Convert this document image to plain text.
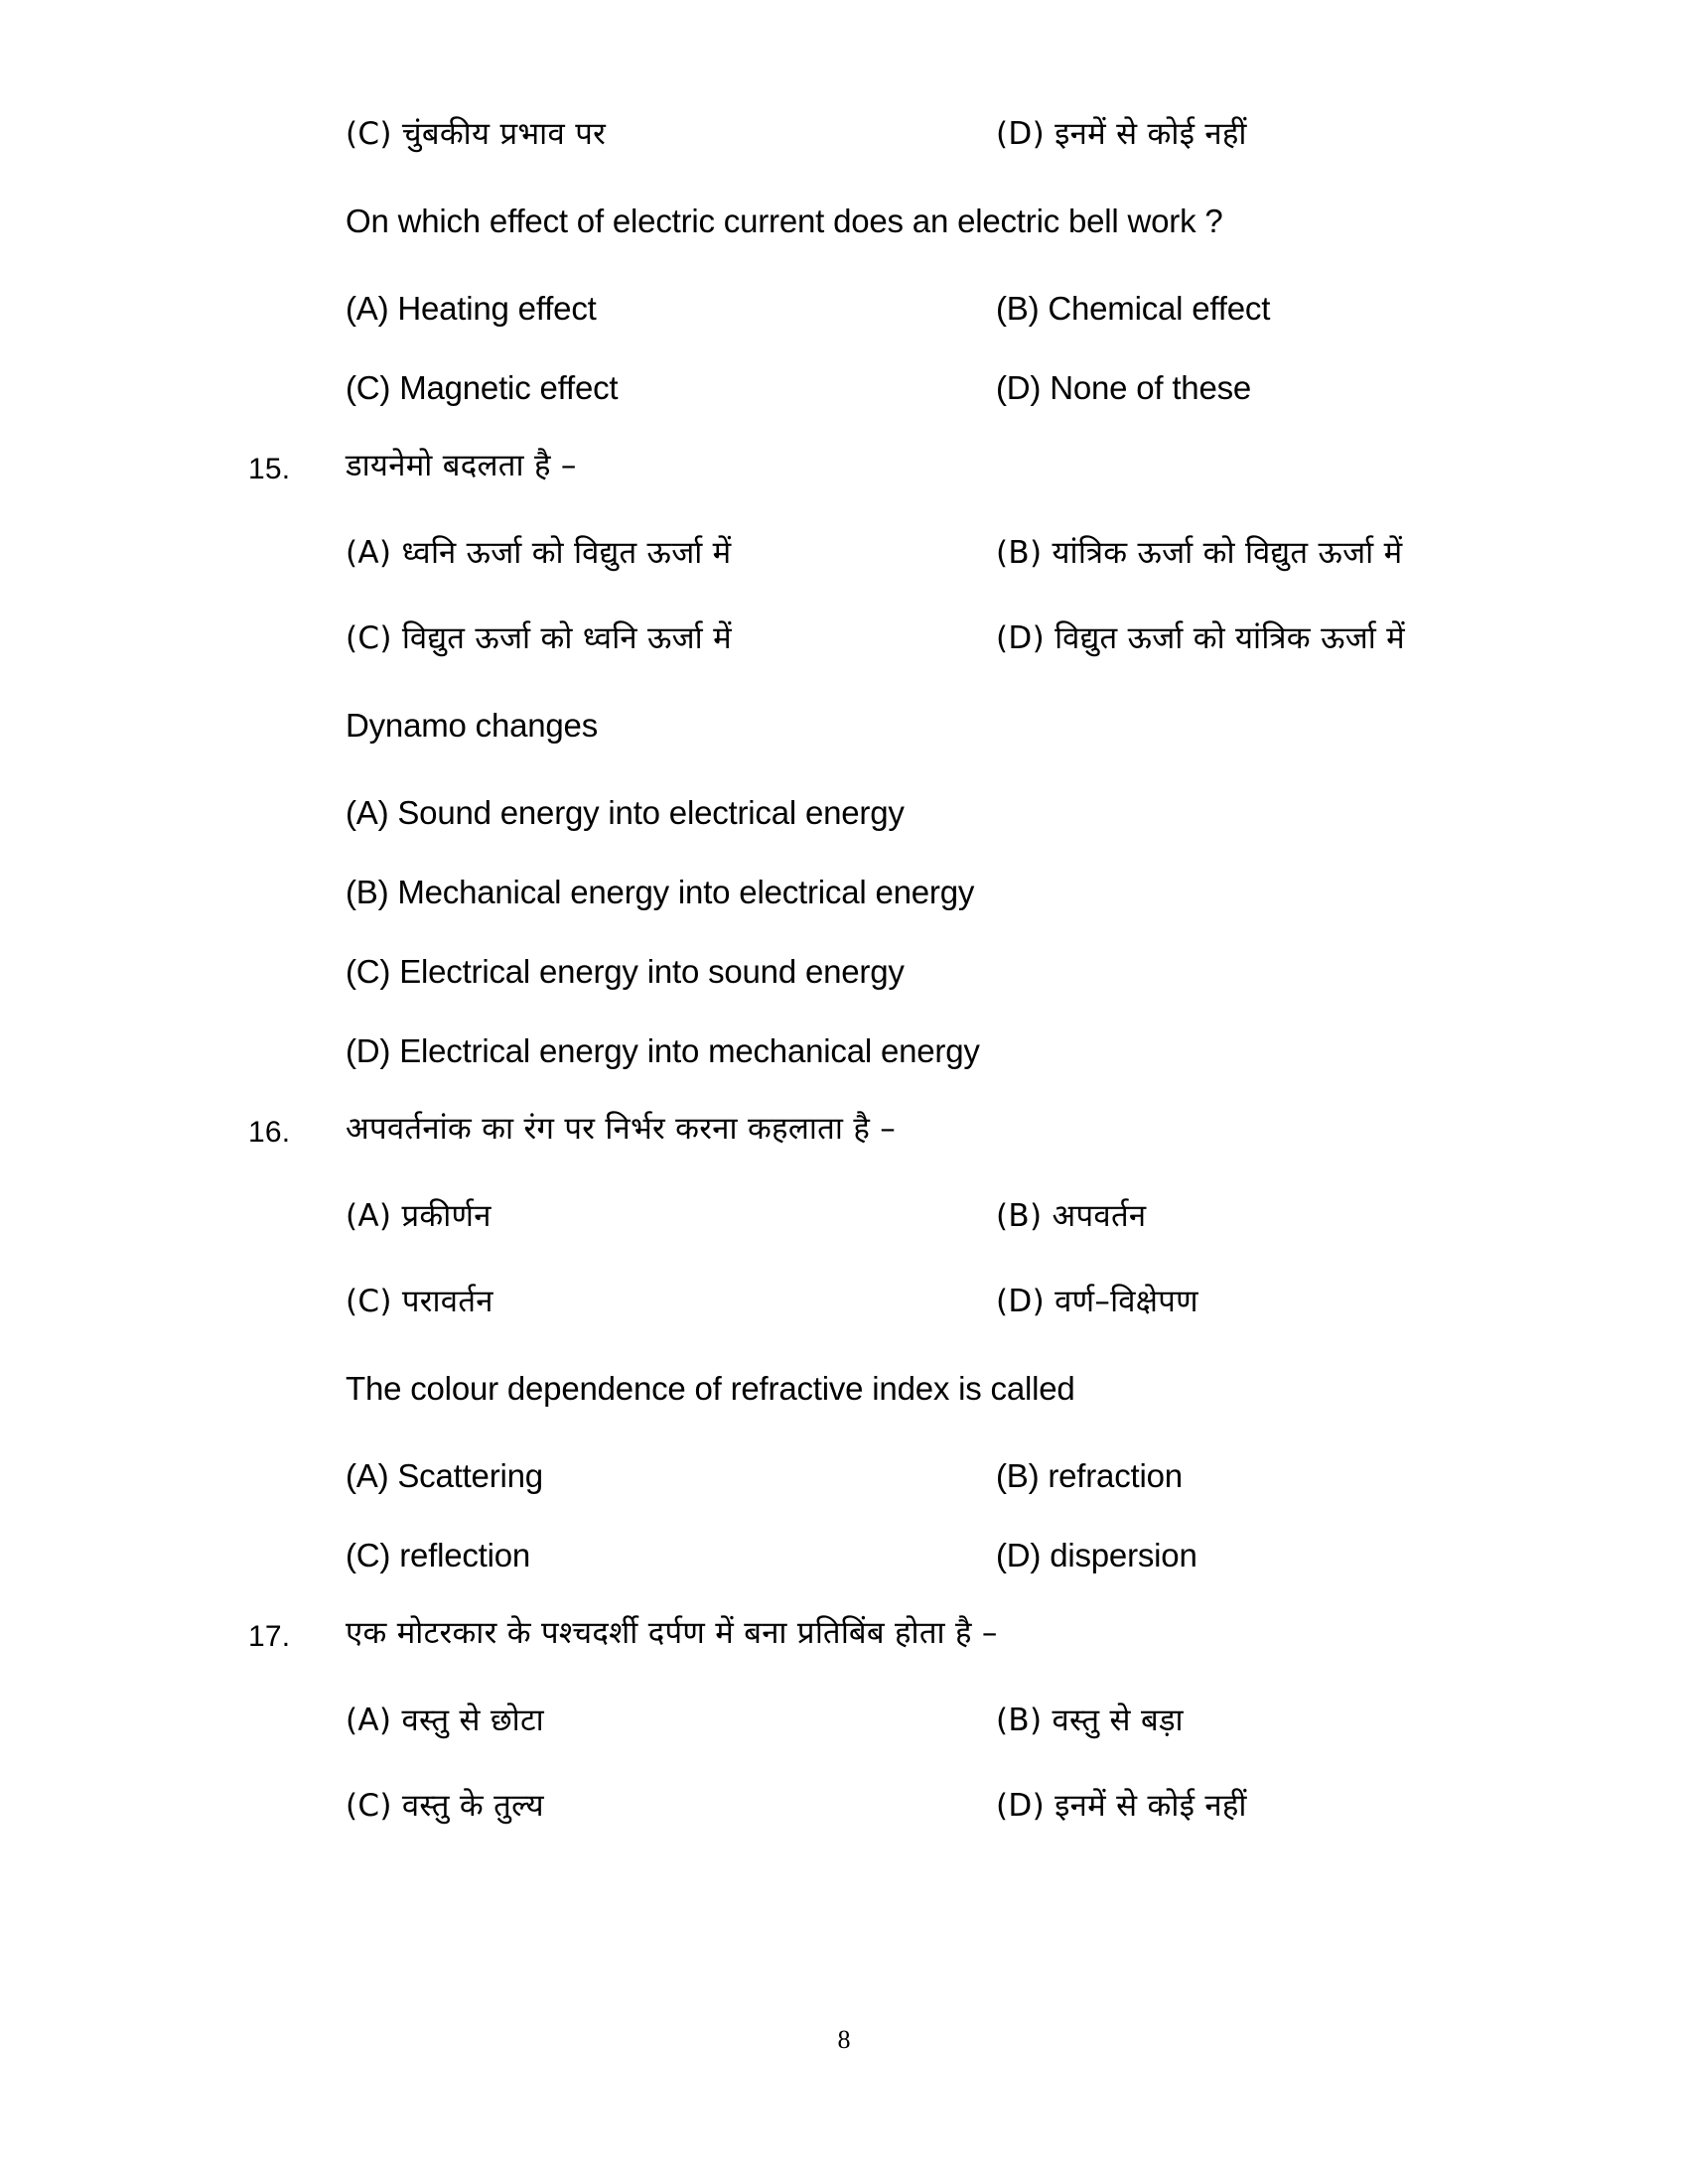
(C) चुंबकीय प्रभाव पर	(D) इनमें से कोई नहीं
On which effect of electric current does an electric bell work ?
(A) Heating effect	(B) Chemical effect
(C) Magnetic effect	(D) None of these
15.	डायनेमो बदलता है –
(A) ध्वनि ऊर्जा को विद्युत ऊर्जा में	(B) यांत्रिक ऊर्जा को विद्युत ऊर्जा में
(C) विद्युत ऊर्जा को ध्वनि ऊर्जा में	(D) विद्युत ऊर्जा को यांत्रिक ऊर्जा में
Dynamo changes
(A) Sound energy into electrical energy
(B) Mechanical energy into electrical energy
(C) Electrical energy into sound energy
(D) Electrical energy into mechanical energy
16.	अपवर्तनांक का रंग पर निर्भर करना कहलाता है –
(A) प्रकीर्णन	(B) अपवर्तन
(C) परावर्तन	(D) वर्ण–विक्षेपण
The colour dependence of refractive index is called
(A) Scattering	(B) refraction
(C) reflection	(D) dispersion
17.	एक मोटरकार के पश्चदर्शी दर्पण में बना प्रतिबिंब होता है –
(A) वस्तु से छोटा	(B) वस्तु से बड़ा
(C) वस्तु के तुल्य	(D) इनमें से कोई नहीं
8
